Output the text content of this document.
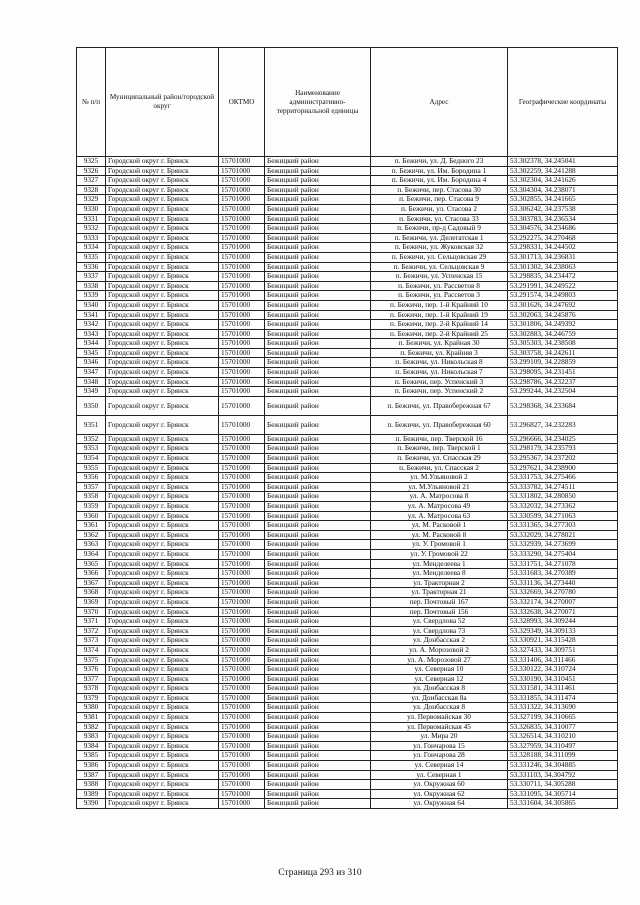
№ п/п	Муниципальный район/городской округ	ОКТМО	Наименование административно-территориальной единицы	Адрес	Географические координаты
9325	Городской округ г. Брянск	15701000	Бежицкий район	п. Бежичи, ул. Д. Бедного 23	53.302378, 34.245041
9326	Городской округ г. Брянск	15701000	Бежицкий район	п. Бежичи, ул. Им. Бородина 1	53.302259, 34.241288
9327	Городской округ г. Брянск	15701000	Бежицкий район	п. Бежичи, ул. Им. Бородина 4	53.302304, 34.241626
9328	Городской округ г. Брянск	15701000	Бежицкий район	п. Бежичи, пер. Стасова 30	53.304304, 34.238071
9329	Городской округ г. Брянск	15701000	Бежицкий район	п. Бежичи, пер. Стасова 9	53.302855, 34.241665
9330	Городской округ г. Брянск	15701000	Бежицкий район	п. Бежичи, ул. Стасова 2	53.306242, 34.237538
9331	Городской округ г. Брянск	15701000	Бежицкий район	п. Бежичи, ул. Стасова 33	53.303783, 34.236534
9332	Городской округ г. Брянск	15701000	Бежицкий район	п. Бежичи, пр-д Садовый 9	53.304576, 34.234686
9333	Городской округ г. Брянск	15701000	Бежицкий район	п. Бежичи, ул. Делегатская 1	53.292275, 34.270468
9334	Городской округ г. Брянск	15701000	Бежицкий район	п. Бежичи, ул. Жуковская 32	53.298331, 34.244502
9335	Городской округ г. Брянск	15701000	Бежицкий район	п. Бежичи, ул. Сельцовская 29	53.301713, 34.236831
9336	Городской округ г. Брянск	15701000	Бежицкий район	п. Бежичи, ул. Сельцовская 9	53.301302, 34.238063
9337	Городской округ г. Брянск	15701000	Бежицкий район	п. Бежичи, ул. Успенская 15	53.298835, 34.234472
9338	Городской округ г. Брянск	15701000	Бежицкий район	п. Бежичи, ул. Рассветов 8	53.291991, 34.249522
9339	Городской округ г. Брянск	15701000	Бежицкий район	п. Бежичи, ул. Рассветов 3	53.291574, 34.249803
9340	Городской округ г. Брянск	15701000	Бежицкий район	п. Бежичи, пер. 1-й Крайний 10	53.301626, 34.247692
9341	Городской округ г. Брянск	15701000	Бежицкий район	п. Бежичи, пер. 1-й Крайний 19	53.302063, 34.245876
9342	Городской округ г. Брянск	15701000	Бежицкий район	п. Бежичи, пер. 2-й Крайний 14	53.301806, 34.249392
9343	Городской округ г. Брянск	15701000	Бежицкий район	п. Бежичи, пер. 2-й Крайний 25	53.302883, 34.246759
9344	Городской округ г. Брянск	15701000	Бежицкий район	п. Бежичи, ул. Крайная 30	53.305303, 34.238508
9345	Городской округ г. Брянск	15701000	Бежицкий район	п. Бежичи, ул. Крайняя 3	53.303758, 34.242611
9346	Городской округ г. Брянск	15701000	Бежицкий район	п. Бежичи, ул. Никольская 8	53.299109, 34.228859
9347	Городской округ г. Брянск	15701000	Бежицкий район	п. Бежичи, ул. Никольская 7	53.298095, 34.231451
9348	Городской округ г. Брянск	15701000	Бежицкий район	п. Бежичи, пер. Успенский 3	53.298786, 34.232237
9349	Городской округ г. Брянск	15701000	Бежицкий район	п. Бежичи, пер. Успенский 2	53.299244, 34.232504
9350	Городской округ г. Брянск	15701000	Бежицкий район	п. Бежичи, ул. Правобережная 67	53.298368, 34.233684
9351	Городской округ г. Брянск	15701000	Бежицкий район	п. Бежичи, ул. Правобережная 60	53.296827, 34.232283
9352	Городской округ г. Брянск	15701000	Бежицкий район	п. Бежичи, пер. Тверской 16	53.296666, 34.234025
9353	Городской округ г. Брянск	15701000	Бежицкий район	п. Бежичи, пер. Тверской 1	53.298179, 34.235793
9354	Городской округ г. Брянск	15701000	Бежицкий район	п. Бежичи, ул. Спасская 29	53.295367, 34.237202
9355	Городской округ г. Брянск	15701000	Бежицкий район	п. Бежичи, ул. Спасская 2	53.297621, 34.238900
9356	Городской округ г. Брянск	15701000	Бежицкий район	ул. М.Ульяновой 2	53.331753, 34.275466
9357	Городской округ г. Брянск	15701000	Бежицкий район	ул. М.Ульяновой 21	53.333782, 34.274511
9358	Городской округ г. Брянск	15701000	Бежицкий район	ул. А. Матросова 8	53.331802, 34.280850
9359	Городской округ г. Брянск	15701000	Бежицкий район	ул. А. Матросова 49	53.332032, 34.273362
9360	Городской округ г. Брянск	15701000	Бежицкий район	ул. А. Матросова 63	53.330599, 34.271063
9361	Городской округ г. Брянск	15701000	Бежицкий район	ул. М. Расковой 1	53.331365, 34.277303
9362	Городской округ г. Брянск	15701000	Бежицкий район	ул. М. Расковой 8	53.332029, 34.278021
9363	Городской округ г. Брянск	15701000	Бежицкий район	ул. У. Громовой 1	53.332939, 34.273699
9364	Городской округ г. Брянск	15701000	Бежицкий район	ул. У. Громовой 22	53.333290, 34.275404
9365	Городской округ г. Брянск	15701000	Бежицкий район	ул. Менделеева 1	53.331751, 34.271078
9366	Городской округ г. Брянск	15701000	Бежицкий район	ул. Менделеева 8	53.331683, 34.270389
9367	Городской округ г. Брянск	15701000	Бежицкий район	ул. Тракторная 2	53.331136, 34.273440
9368	Городской округ г. Брянск	15701000	Бежицкий район	ул. Тракторная 21	53.332669, 34.270780
9369	Городской округ г. Брянск	15701000	Бежицкий район	пер. Почтовый 167	53.332174, 34.270007
9370	Городской округ г. Брянск	15701000	Бежицкий район	пер. Почтовый 156	53.332638, 34.270071
9371	Городской округ г. Брянск	15701000	Бежицкий район	ул. Свердлова 52	53.328993, 34.309244
9372	Городской округ г. Брянск	15701000	Бежицкий район	ул. Свердлова 73	53.329349, 34.309133
9373	Городской округ г. Брянск	15701000	Бежицкий район	ул. Донбасская 2	53.330921, 34.315428
9374	Городской округ г. Брянск	15701000	Бежицкий район	ул. А. Морозовой 2	53.327433, 34.309751
9375	Городской округ г. Брянск	15701000	Бежицкий район	ул. А. Морозовой 27	53.331406, 34.311466
9376	Городской округ г. Брянск	15701000	Бежицкий район	ул. Северная 10	53.330122, 34.310724
9377	Городской округ г. Брянск	15701000	Бежицкий район	ул. Северная 12	53.330190, 34.310451
9378	Городской округ г. Брянск	15701000	Бежицкий район	ул. Донбасская 8	53.331581, 34.311461
9379	Городской округ г. Брянск	15701000	Бежицкий район	ул. Донбасская 8а	53.331855, 34.311474
9380	Городской округ г. Брянск	15701000	Бежицкий район	ул. Донбасская 8	53.331322, 34.313690
9381	Городской округ г. Брянск	15701000	Бежицкий район	ул. Первомайская 30	53.327199, 34.310665
9382	Городской округ г. Брянск	15701000	Бежицкий район	ул. Первомайская 45	53.326835, 34.310077
9383	Городской округ г. Брянск	15701000	Бежицкий район	ул. Мира 20	53.326514, 34.310210
9384	Городской округ г. Брянск	15701000	Бежицкий район	ул. Гончарова 15	53.327959, 34.310497
9385	Городской округ г. Брянск	15701000	Бежицкий район	ул. Гончарова 28	53.328188, 34.311099
9386	Городской округ г. Брянск	15701000	Бежицкий район	ул. Северная 14	53.331246, 34.304885
9387	Городской округ г. Брянск	15701000	Бежицкий район	ул. Северная 1	53.331103, 34.304792
9388	Городской округ г. Брянск	15701000	Бежицкий район	ул. Окружная 60	53.330711, 34.305288
9389	Городской округ г. Брянск	15701000	Бежицкий район	ул. Окружная 62	53.331095, 34.305714
9390	Городской округ г. Брянск	15701000	Бежицкий район	ул. Окружная 64	53.331604, 34.305865
Страница 293 из 310
